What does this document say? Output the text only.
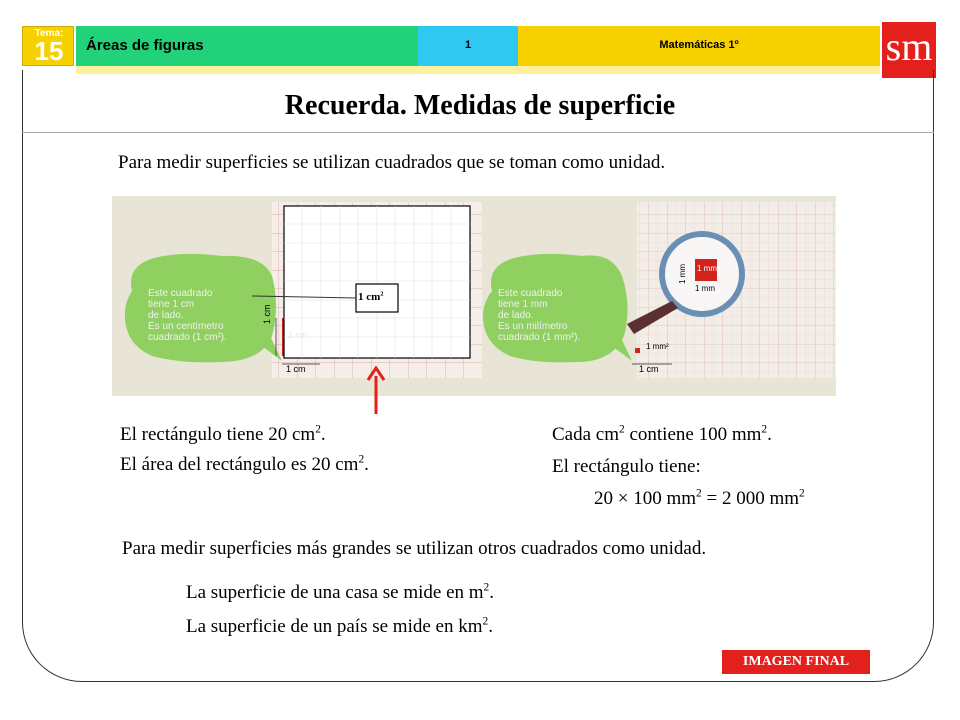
Tema:
15	Áreas de figuras	1	Matemáticas 1º	sm
Recuerda. Medidas de superficie
Para medir superficies se utilizan cuadrados que se toman como unidad.
Este cuadrado
tiene 1 cm
de lado.
Es un centímetro
cuadrado (1 cm²).
Este cuadrado
tiene 1 mm
de lado.
Es un milímetro
cuadrado (1 mm²).
1 $cm^2$
1 cm
1 cm
1 cm
1 mm²
1 mm
1 mm
1 mm²
1 cm
El rectángulo tiene 20 $cm^2$.
El área del rectángulo es 20 $cm^2$.
Cada $cm^2$ contiene 100 $mm^2$.
El rectángulo tiene:
20 × 100 $mm^2 = 2$ 000 $mm^2$
Para medir superficies más grandes se utilizan otros cuadrados como unidad.
La superficie de una casa se mide en $m^2$.
La superficie de un país se mide en $km^2$.
IMAGEN FINAL
